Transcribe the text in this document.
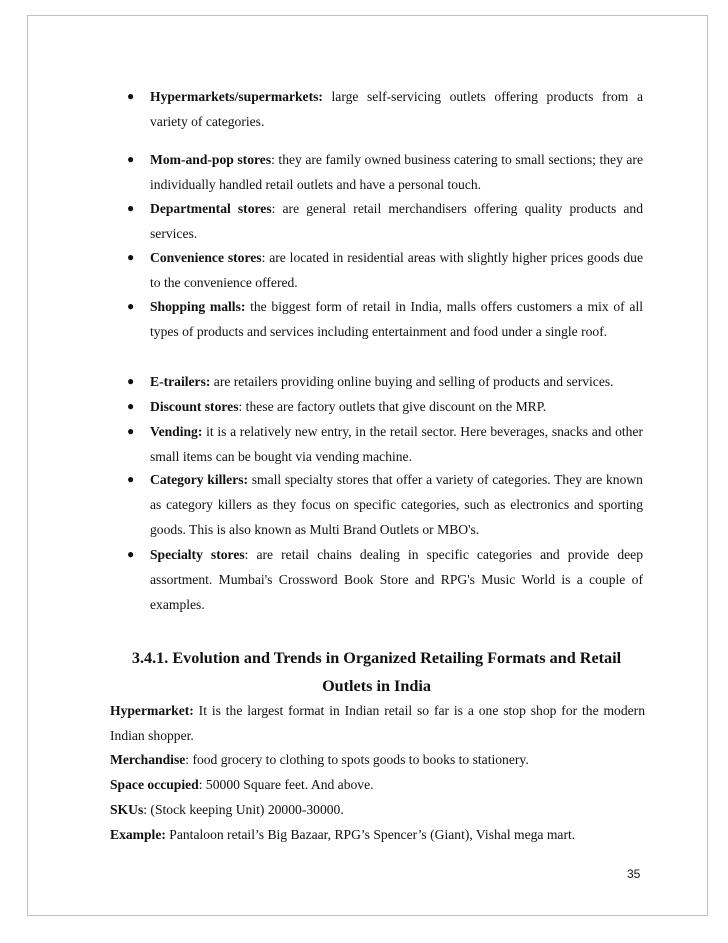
● Hypermarkets/supermarkets: large self-servicing outlets offering products from a variety of categories.
● Mom-and-pop stores: they are family owned business catering to small sections; they are individually handled retail outlets and have a personal touch.
● Departmental stores: are general retail merchandisers offering quality products and services.
● Convenience stores: are located in residential areas with slightly higher prices goods due to the convenience offered.
● Shopping malls: the biggest form of retail in India, malls offers customers a mix of all types of products and services including entertainment and food under a single roof.
● E-trailers: are retailers providing online buying and selling of products and services.
● Discount stores: these are factory outlets that give discount on the MRP.
● Vending: it is a relatively new entry, in the retail sector. Here beverages, snacks and other small items can be bought via vending machine.
● Category killers: small specialty stores that offer a variety of categories. They are known as category killers as they focus on specific categories, such as electronics and sporting goods. This is also known as Multi Brand Outlets or MBO's.
● Specialty stores: are retail chains dealing in specific categories and provide deep assortment. Mumbai's Crossword Book Store and RPG's Music World is a couple of examples.
3.4.1. Evolution and Trends in Organized Retailing Formats and Retail Outlets in India
Hypermarket: It is the largest format in Indian retail so far is a one stop shop for the modern Indian shopper.
Merchandise: food grocery to clothing to spots goods to books to stationery.
Space occupied: 50000 Square feet. And above.
SKUs: (Stock keeping Unit) 20000-30000.
Example: Pantaloon retail’s Big Bazaar, RPG’s Spencer’s (Giant), Vishal mega mart.
35
